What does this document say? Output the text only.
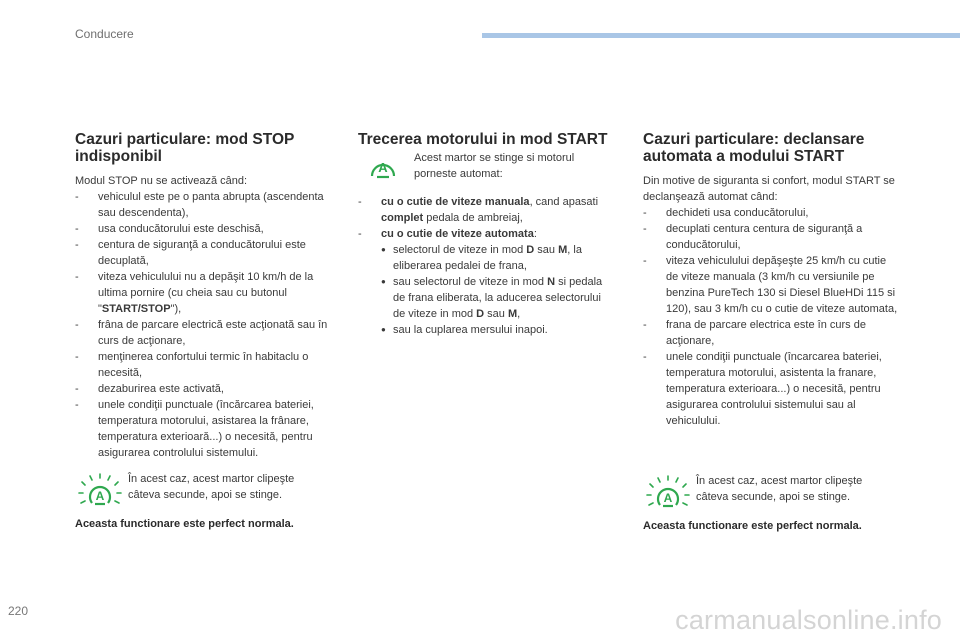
Conducere
Cazuri particulare: mod STOP indisponibil

Modul STOP nu se activează când:

- vehiculul este pe o panta abrupta (ascendenta sau descendenta),
- usa conducătorului este deschisă,
- centura de siguranţă a conducătorului este decuplată,
- viteza vehiculului nu a depăşit 10 km/h de la ultima pornire (cu cheia sau cu butonul "START/STOP"),
- frâna de parcare electrică este acţionată sau în curs de acţionare,
- menţinerea confortului termic în habitaclu o necesită,
- dezaburirea este activată,
- unele condiţii punctuale (încărcarea bateriei, temperatura motorului, asistarea la frânare, temperatura exterioară...) o necesită, pentru asigurarea controlului sistemului.
A

În acest caz, acest martor clipeşte câteva secunde, apoi se stinge.

Aceasta functionare este perfect normala.

Trecerea motorului in mod START
A

Acest martor se stinge si motorul porneste automat:

- cu o cutie de viteze manuala, cand apasati complet pedala de ambreiaj,
- cu o cutie de viteze automata:
● selectorul de viteze in mod D sau M, la eliberarea pedalei de frana,
● sau selectorul de viteze in mod N si pedala de frana eliberata, la aducerea selectorului de viteze in mod D sau M,
● sau la cuplarea mersului inapoi.
Cazuri particulare: declansare automata a modului START

Din motive de siguranta si confort, modul START se declanşează automat când:

- dechideti usa conducătorului,
- decuplati centura centura de siguranţă a conducătorului,
- viteza vehiculului depăşeşte 25 km/h cu cutie de viteze manuala (3 km/h cu versiunile pe benzina PureTech 130 si Diesel BlueHDi 115 si 120), sau 3 km/h cu o cutie de viteze automata,
- frana de parcare electrica este în curs de acţionare,
- unele condiţii punctuale (încarcarea bateriei, temperatura motorului, asistenta la franare, temperatura exterioara...) o necesită, pentru asigurarea controlului sistemului sau al vehiculului.
A

În acest caz, acest martor clipeşte câteva secunde, apoi se stinge.

Aceasta functionare este perfect normala.

220	carmanualsonline.info
